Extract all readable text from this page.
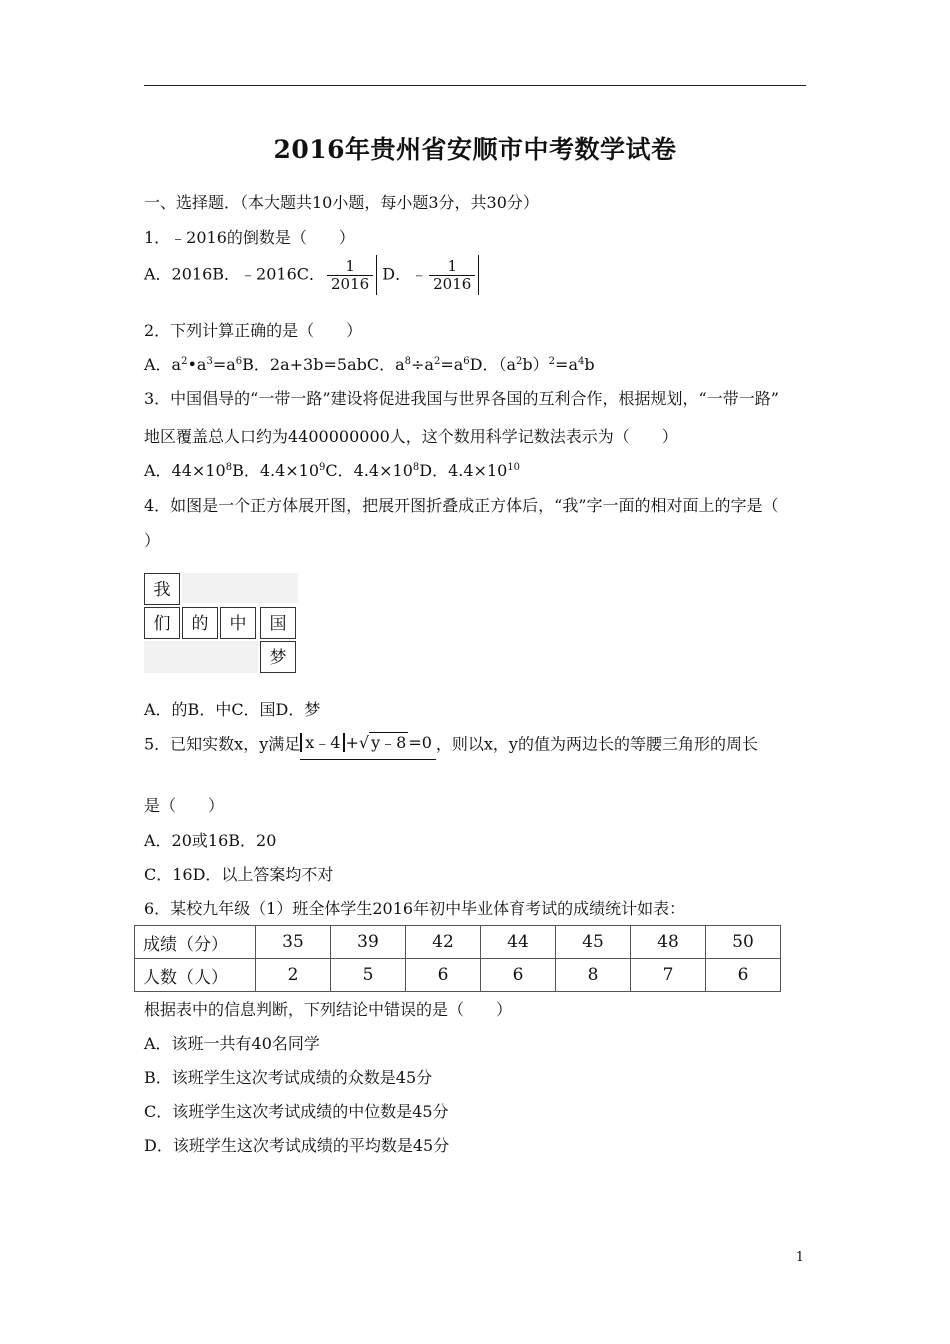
2016年贵州省安顺市中考数学试卷
一、选择题．（本大题共10小题，每小题3分，共30分）
1．﹣2016的倒数是（　　）
A．2016B．﹣2016C． $\frac{1}{2016}$ D．﹣ $\frac{1}{2016}$
2．下列计算正确的是（　　）
A．$a^2•a^3=a^6B$．2a+3b=5abC．$a^8\div a^2=a^6D$．$(a^2b)^2=a^4b$
3．中国倡导的“一带一路”建设将促进我国与世界各国的互利合作，根据规划，“一带一路”
地区覆盖总人口约为4400000000人，这个数用科学记数法表示为（　　）
A．$44\times 10^8B$．$4.4\times 10^9C$．$4.4\times 10^8D$．$4.4\times 10^{10}$
4．如图是一个正方体展开图，把展开图折叠成正方体后，“我”字一面的相对面上的字是（
）
我
们	的	中	国
梦
A．的B．中C．国D．梦
5．已知实数x，y满足 x﹣4 +√ y﹣8 =0 ，则以x，y的值为两边长的等腰三角形的周长
是（　　）
A．20或16B．20
C．16D．以上答案均不对
6．某校九年级（1）班全体学生2016年初中毕业体育考试的成绩统计如表：
成绩（分）	35	39	42	44	45	48	50
人数（人）	2	5	6	6	8	7	6
根据表中的信息判断，下列结论中错误的是（　　）
A．该班一共有40名同学
B．该班学生这次考试成绩的众数是45分
C．该班学生这次考试成绩的中位数是45分
D．该班学生这次考试成绩的平均数是45分
1
